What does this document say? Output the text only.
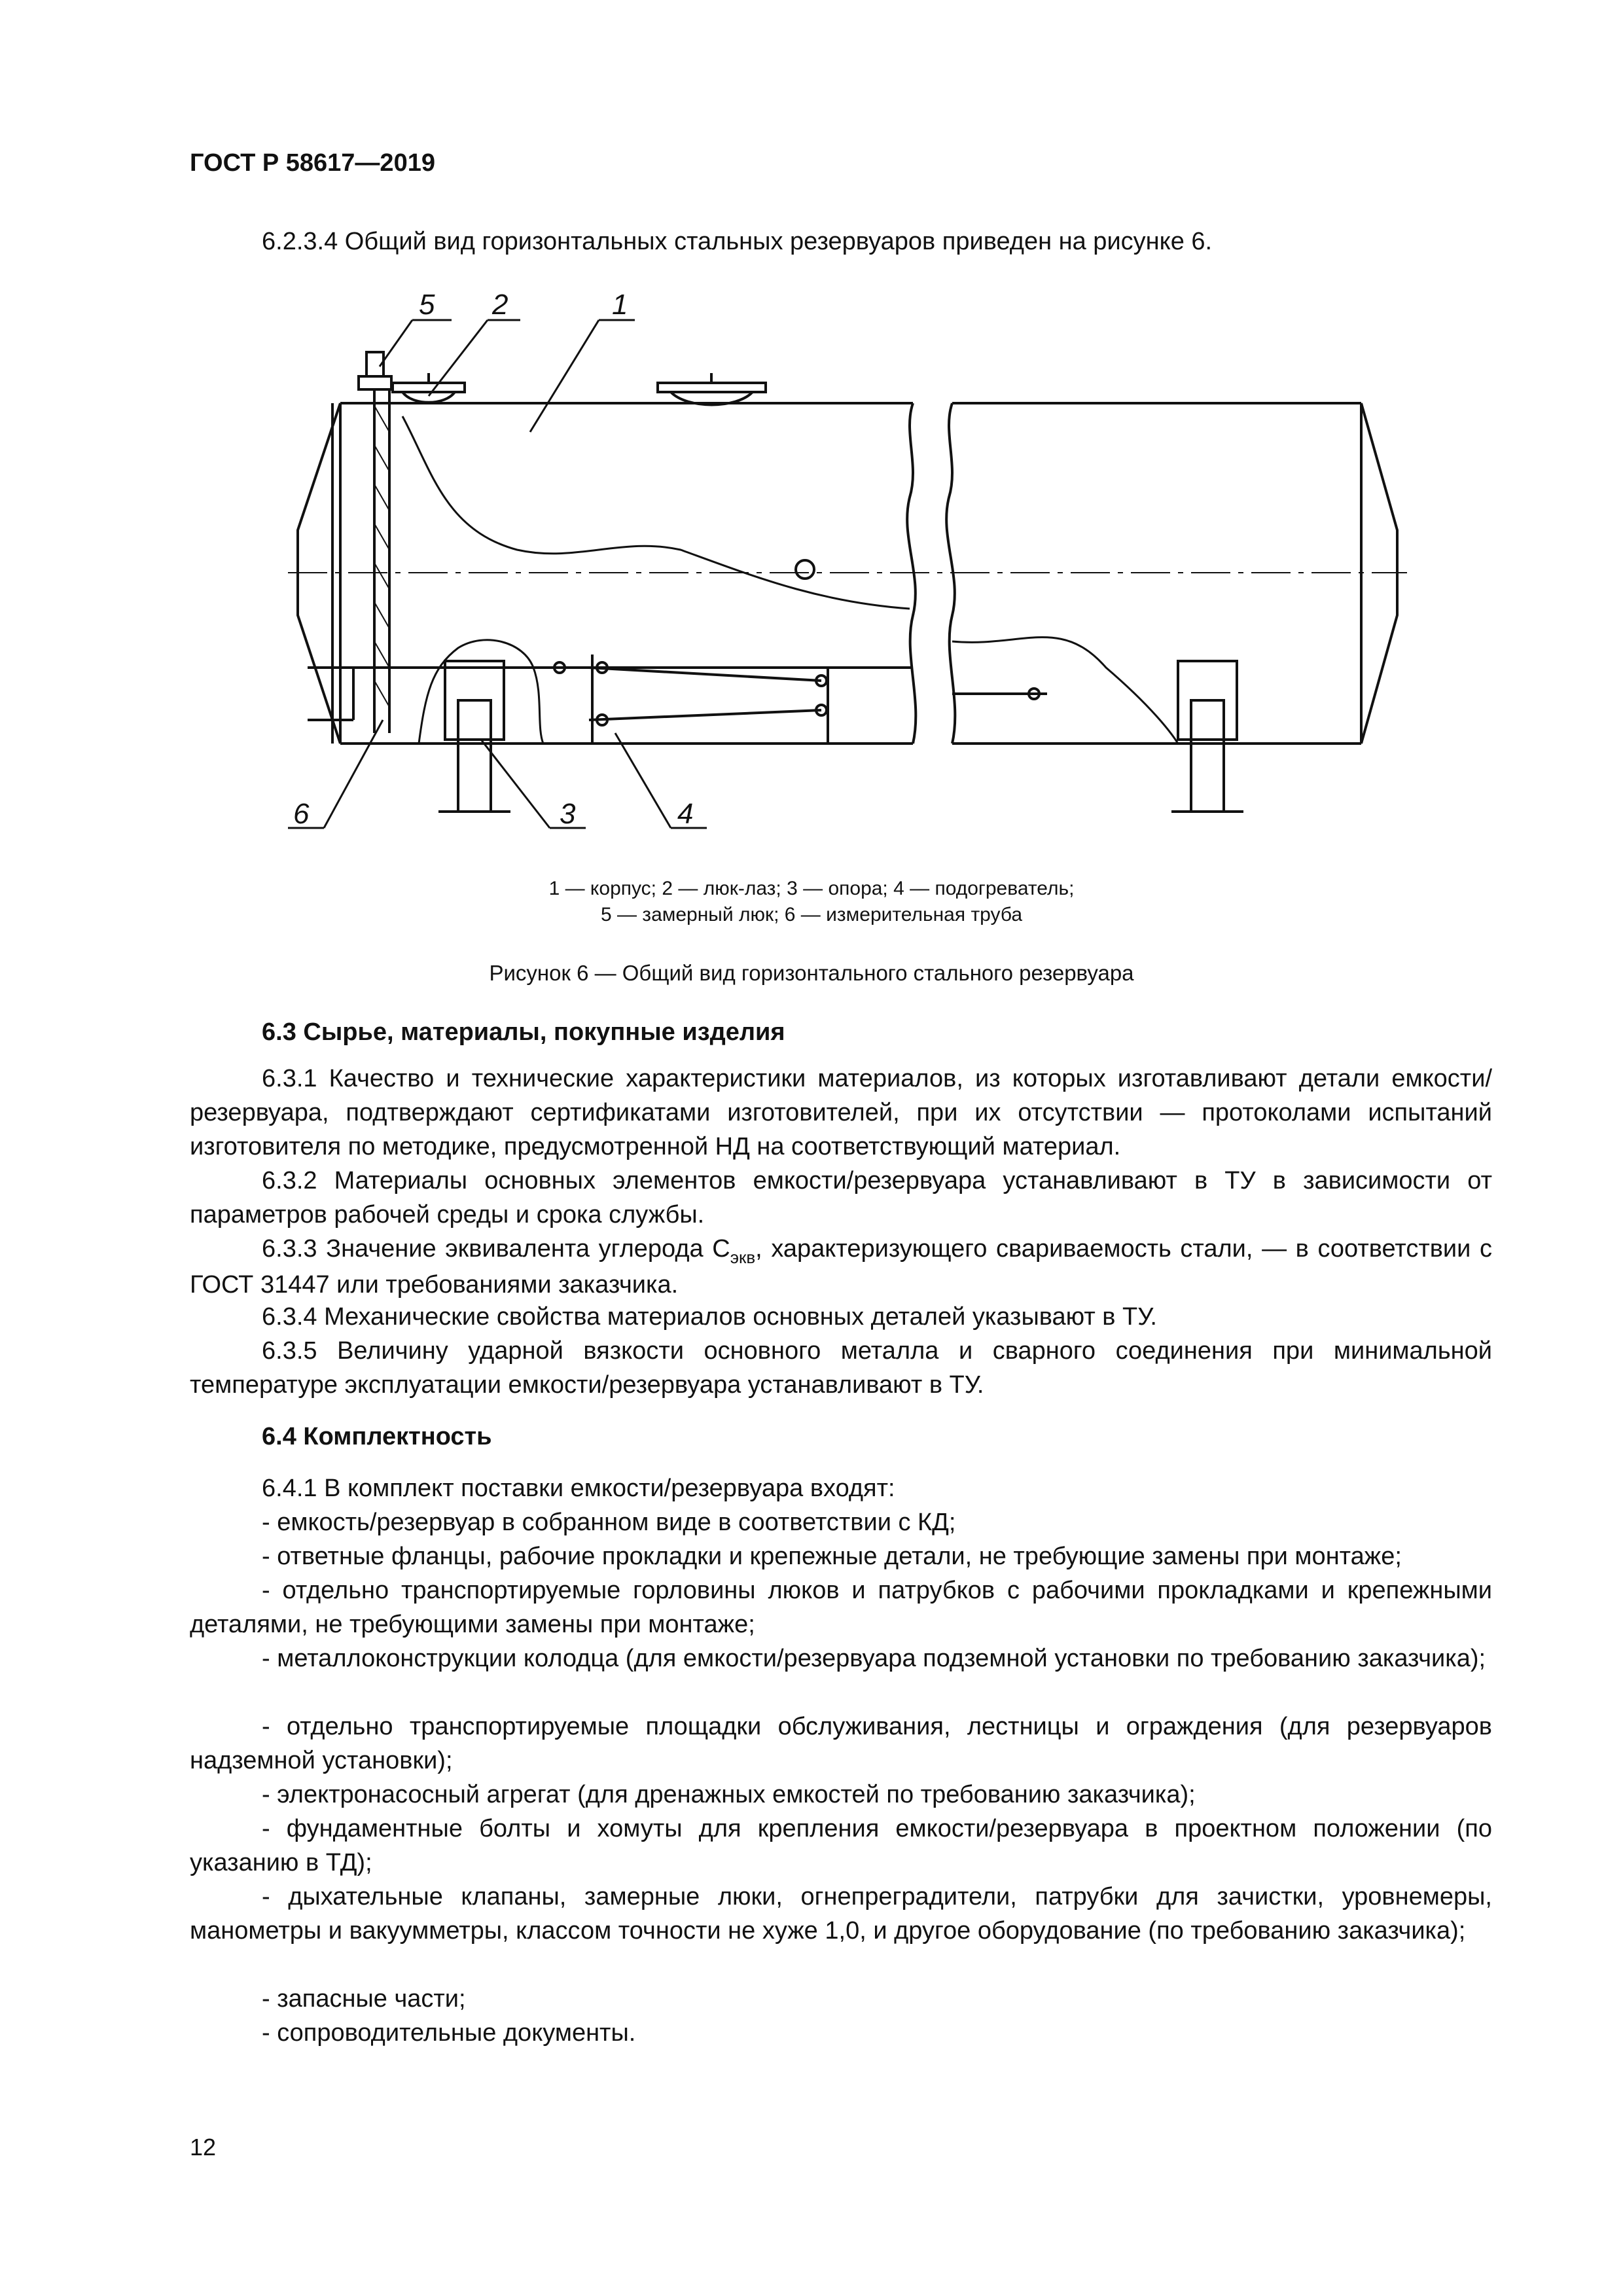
ГОСТ Р 58617—2019
6.2.3.4 Общий вид горизонтальных стальных резервуаров приведен на рисунке 6.
5 2	1
6	3	4
1 — корпус; 2 — люк-лаз; 3 — опора; 4 — подогреватель;
5 — замерный люк; 6 — измерительная труба
Рисунок 6 — Общий вид горизонтального стального резервуара
6.3 Сырье, материалы, покупные изделия
6.3.1 Качество и технические характеристики материалов, из которых изготавливают детали емкости/резервуара, подтверждают сертификатами изготовителей, при их отсутствии — протоколами испытаний изготовителя по методике, предусмотренной НД на соответствующий материал.
6.3.2 Материалы основных элементов емкости/резервуара устанавливают в ТУ в зависимости от параметров рабочей среды и срока службы.
6.3.3 Значение эквивалента углерода $С_{экв}$, характеризующего свариваемость стали, — в соответствии с ГОСТ 31447 или требованиями заказчика.
6.3.4 Механические свойства материалов основных деталей указывают в ТУ.
6.3.5 Величину ударной вязкости основного металла и сварного соединения при минимальной температуре эксплуатации емкости/резервуара устанавливают в ТУ.
6.4 Комплектность
6.4.1 В комплект поставки емкости/резервуара входят:
- емкость/резервуар в собранном виде в соответствии с КД;
- ответные фланцы, рабочие прокладки и крепежные детали, не требующие замены при монтаже;
- отдельно транспортируемые горловины люков и патрубков с рабочими прокладками и крепежными деталями, не требующими замены при монтаже;
- металлоконструкции колодца (для емкости/резервуара подземной установки по требованию заказчика);
- отдельно транспортируемые площадки обслуживания, лестницы и ограждения (для резервуаров надземной установки);
- электронасосный агрегат (для дренажных емкостей по требованию заказчика);
- фундаментные болты и хомуты для крепления емкости/резервуара в проектном положении (по указанию в ТД);
- дыхательные клапаны, замерные люки, огнепреградители, патрубки для зачистки, уровнемеры, манометры и вакуумметры, классом точности не хуже 1,0, и другое оборудование (по требованию заказчика);
- запасные части;
- сопроводительные документы.
12
